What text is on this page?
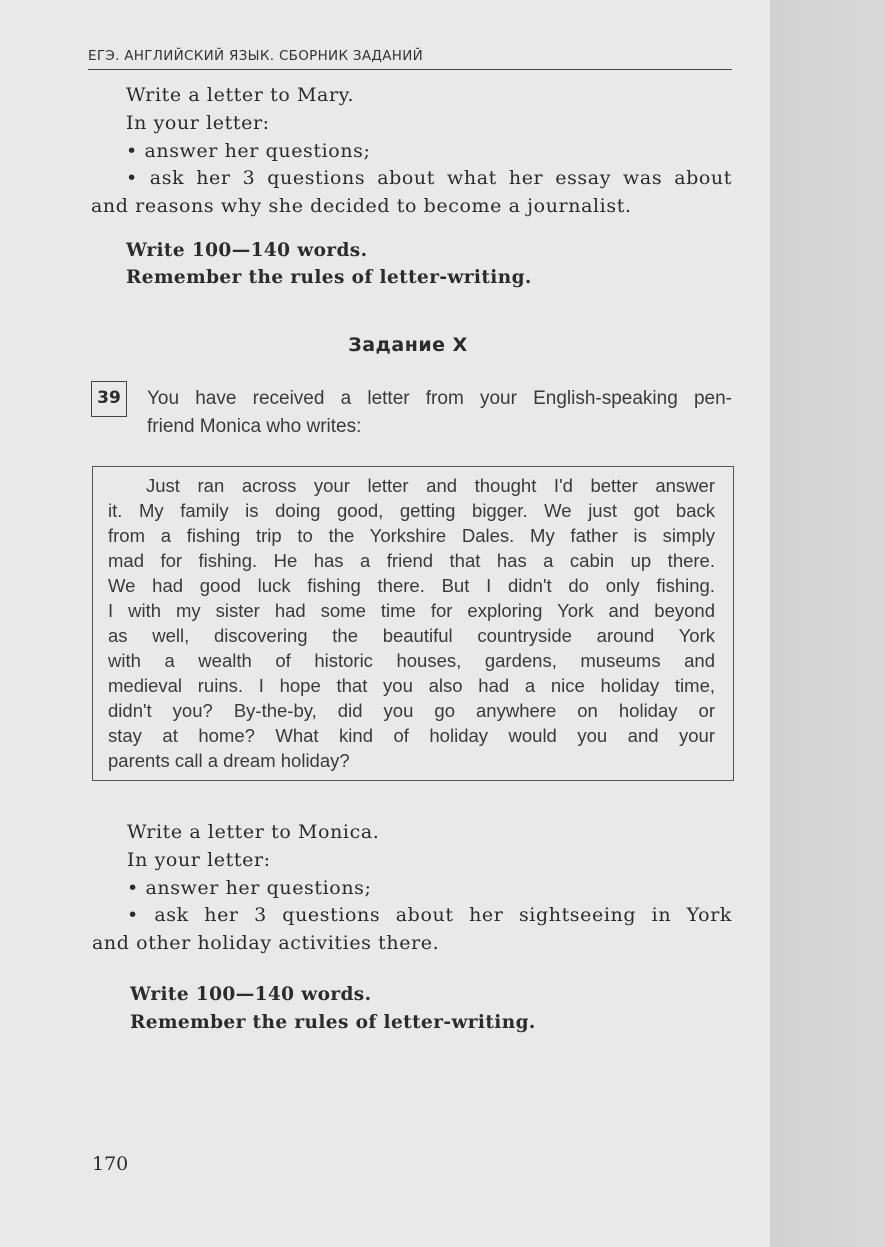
ЕГЭ. АНГЛИЙСКИЙ ЯЗЫК. СБОРНИК ЗАДАНИЙ
Write a letter to Mary.
In your letter:
• answer her questions;
• ask her 3 questions about what her essay was about
and reasons why she decided to become a journalist.
Write 100—140 words.
Remember the rules of letter-writing.
Задание X
39	You have received a letter from your English-speaking pen-
friend Monica who writes:
Just ran across your letter and thought I'd better answer
it. My family is doing good, getting bigger. We just got back
from a fishing trip to the Yorkshire Dales. My father is simply
mad for fishing. He has a friend that has a cabin up there.
We had good luck fishing there. But I didn't do only fishing.
I with my sister had some time for exploring York and beyond
as well, discovering the beautiful countryside around York
with a wealth of historic houses, gardens, museums and
medieval ruins. I hope that you also had a nice holiday time,
didn't you? By-the-by, did you go anywhere on holiday or
stay at home? What kind of holiday would you and your
parents call a dream holiday?
Write a letter to Monica.
In your letter:
• answer her questions;
• ask her 3 questions about her sightseeing in York
and other holiday activities there.
Write 100—140 words.
Remember the rules of letter-writing.
170
